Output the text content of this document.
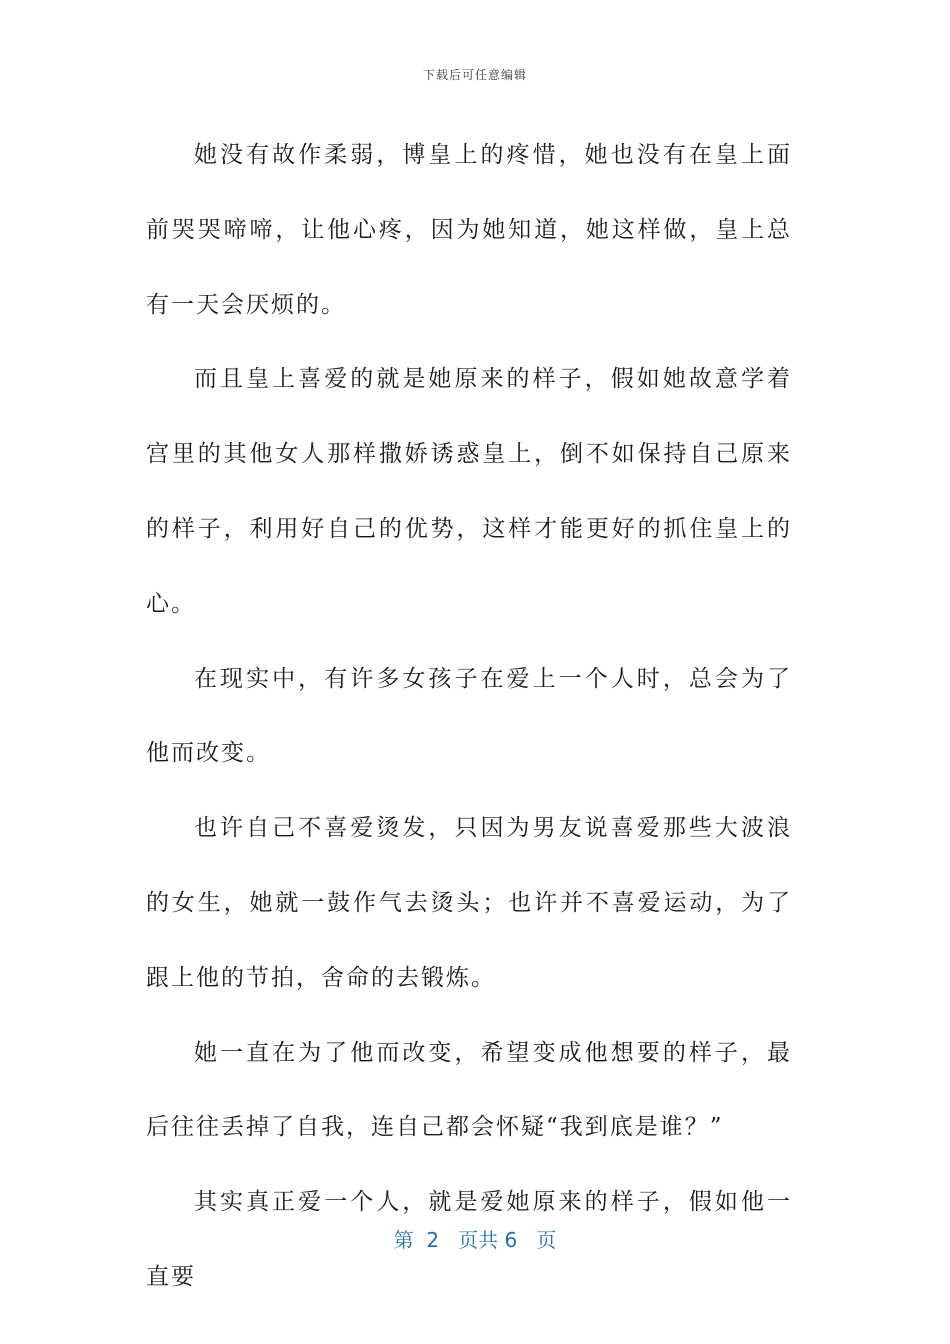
下载后可任意编辑

她没有故作柔弱，博皇上的疼惜，她也没有在皇上面前哭哭啼啼，让他心疼，因为她知道，她这样做，皇上总有一天会厌烦的。

而且皇上喜爱的就是她原来的样子，假如她故意学着宫里的其他女人那样撒娇诱惑皇上，倒不如保持自己原来的样子，利用好自己的优势，这样才能更好的抓住皇上的心。

在现实中，有许多女孩子在爱上一个人时，总会为了他而改变。

也许自己不喜爱烫发，只因为男友说喜爱那些大波浪的女生，她就一鼓作气去烫头；也许并不喜爱运动，为了跟上他的节拍，舍命的去锻炼。

她一直在为了他而改变，希望变成他想要的样子，最后往往丢掉了自我，连自己都会怀疑“我到底是谁？”

其实真正爱一个人，就是爱她原来的样子，假如他一直要

第 2 页共 6 页
